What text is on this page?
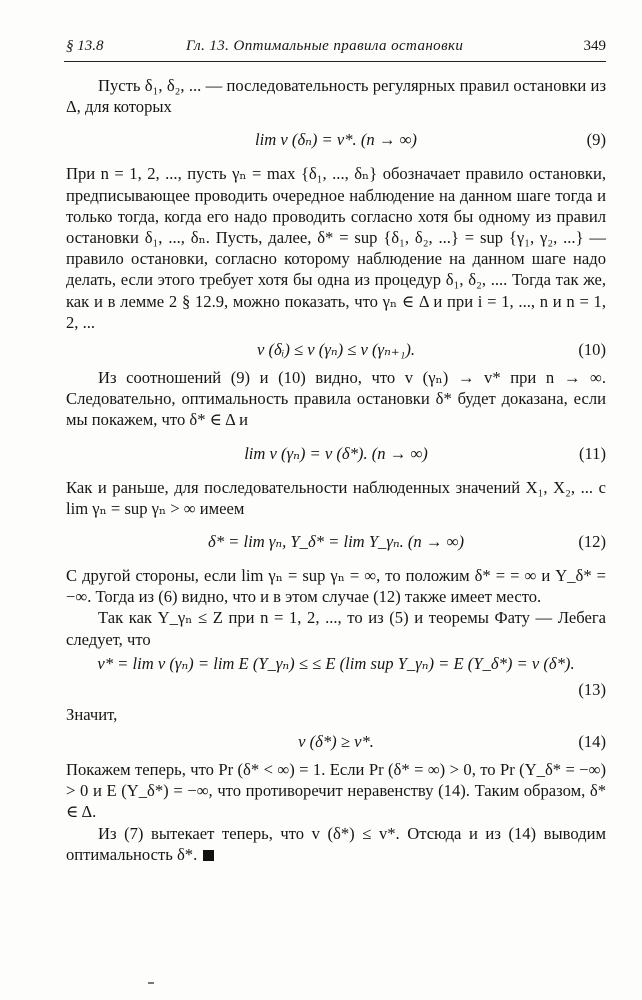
§ 13.8	Гл. 13. Оптимальные правила остановки	349

Пусть δ₁, δ₂, ... — последовательность регулярных правил остановки из Δ, для которых

lim v (δₙ) = v*. (n → ∞)	(9)

При n = 1, 2, ..., пусть γₙ = max {δ₁, ..., δₙ} обозначает правило остановки, предписывающее проводить очередное наблюдение на данном шаге тогда и только тогда, когда его надо проводить согласно хотя бы одному из правил остановки δ₁, ..., δₙ. Пусть, далее, δ* = sup {δ₁, δ₂, ...} = sup {γ₁, γ₂, ...} — правило остановки, согласно которому наблюдение на данном шаге надо делать, если этого требует хотя бы одна из процедур δ₁, δ₂, .... Тогда так же, как и в лемме 2 § 12.9, можно показать, что γₙ ∈ Δ и при i = 1, ..., n и n = 1, 2, ...

v (δᵢ) ≤ v (γₙ) ≤ v (γₙ₊₁).	(10)

Из соотношений (9) и (10) видно, что v (γₙ) → v* при n → ∞. Следовательно, оптимальность правила остановки δ* будет доказана, если мы покажем, что δ* ∈ Δ и

lim v (γₙ) = v (δ*). (n → ∞)	(11)

Как и раньше, для последовательности наблюденных значений X₁, X₂, ... с lim γₙ = sup γₙ > ∞ имеем

δ* = lim γₙ, Y_δ* = lim Y_γₙ. (n → ∞)	(12)

С другой стороны, если lim γₙ = sup γₙ = ∞, то положим δ* = = ∞ и Y_δ* = −∞. Тогда из (6) видно, что и в этом случае (12) также имеет место.

Так как Y_γₙ ≤ Z при n = 1, 2, ..., то из (5) и теоремы Фату — Лебега следует, что

v* = lim v (γₙ) = lim E (Y_γₙ) ≤ ≤ E (lim sup Y_γₙ) = E (Y_δ*) = v (δ*).
(13)

Значит,

v (δ*) ≥ v*.	(14)

Покажем теперь, что Pr (δ* < ∞) = 1. Если Pr (δ* = ∞) > 0, то Pr (Y_δ* = −∞) > 0 и E (Y_δ*) = −∞, что противоречит неравенству (14). Таким образом, δ* ∈ Δ.

Из (7) вытекает теперь, что v (δ*) ≤ v*. Отсюда и из (14) выводим оптимальность δ*.
